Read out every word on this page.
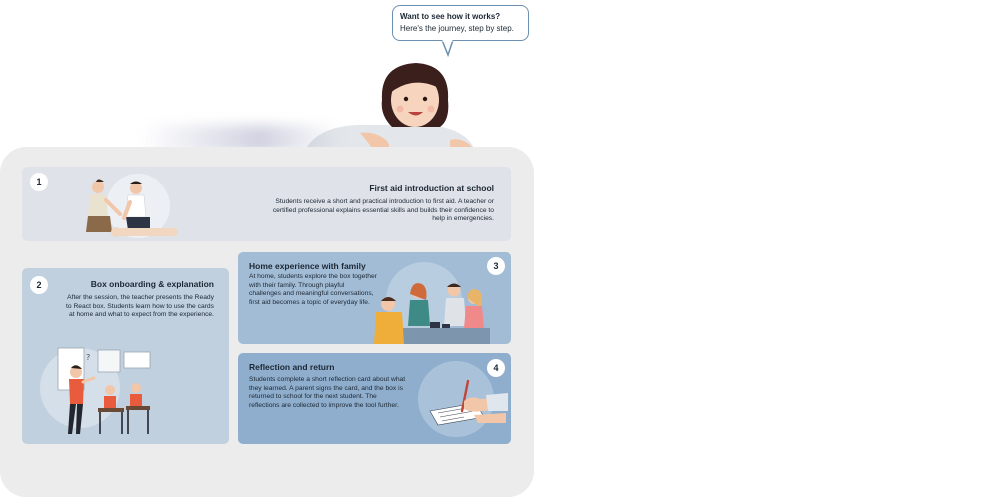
Want to see how it works?
Here's the journey, step by step.
1
First aid introduction at school
Students receive a short and practical introduction to first aid. A teacher or certified professional explains essential skills and builds their confidence to help in emergencies.
2	Box onboarding & explanation
After the session, the teacher presents the Ready to React box. Students learn how to use the cards at home and what to expect from the experience.
?
3
Home experience with family
At home, students explore the box together with their family. Through playful challenges and meaningful conversations, first aid becomes a topic of everyday life.
4
Reflection and return
Students complete a short reflection card about what they learned. A parent signs the card, and the box is returned to school for the next student. The reflections are collected to improve the tool further.
